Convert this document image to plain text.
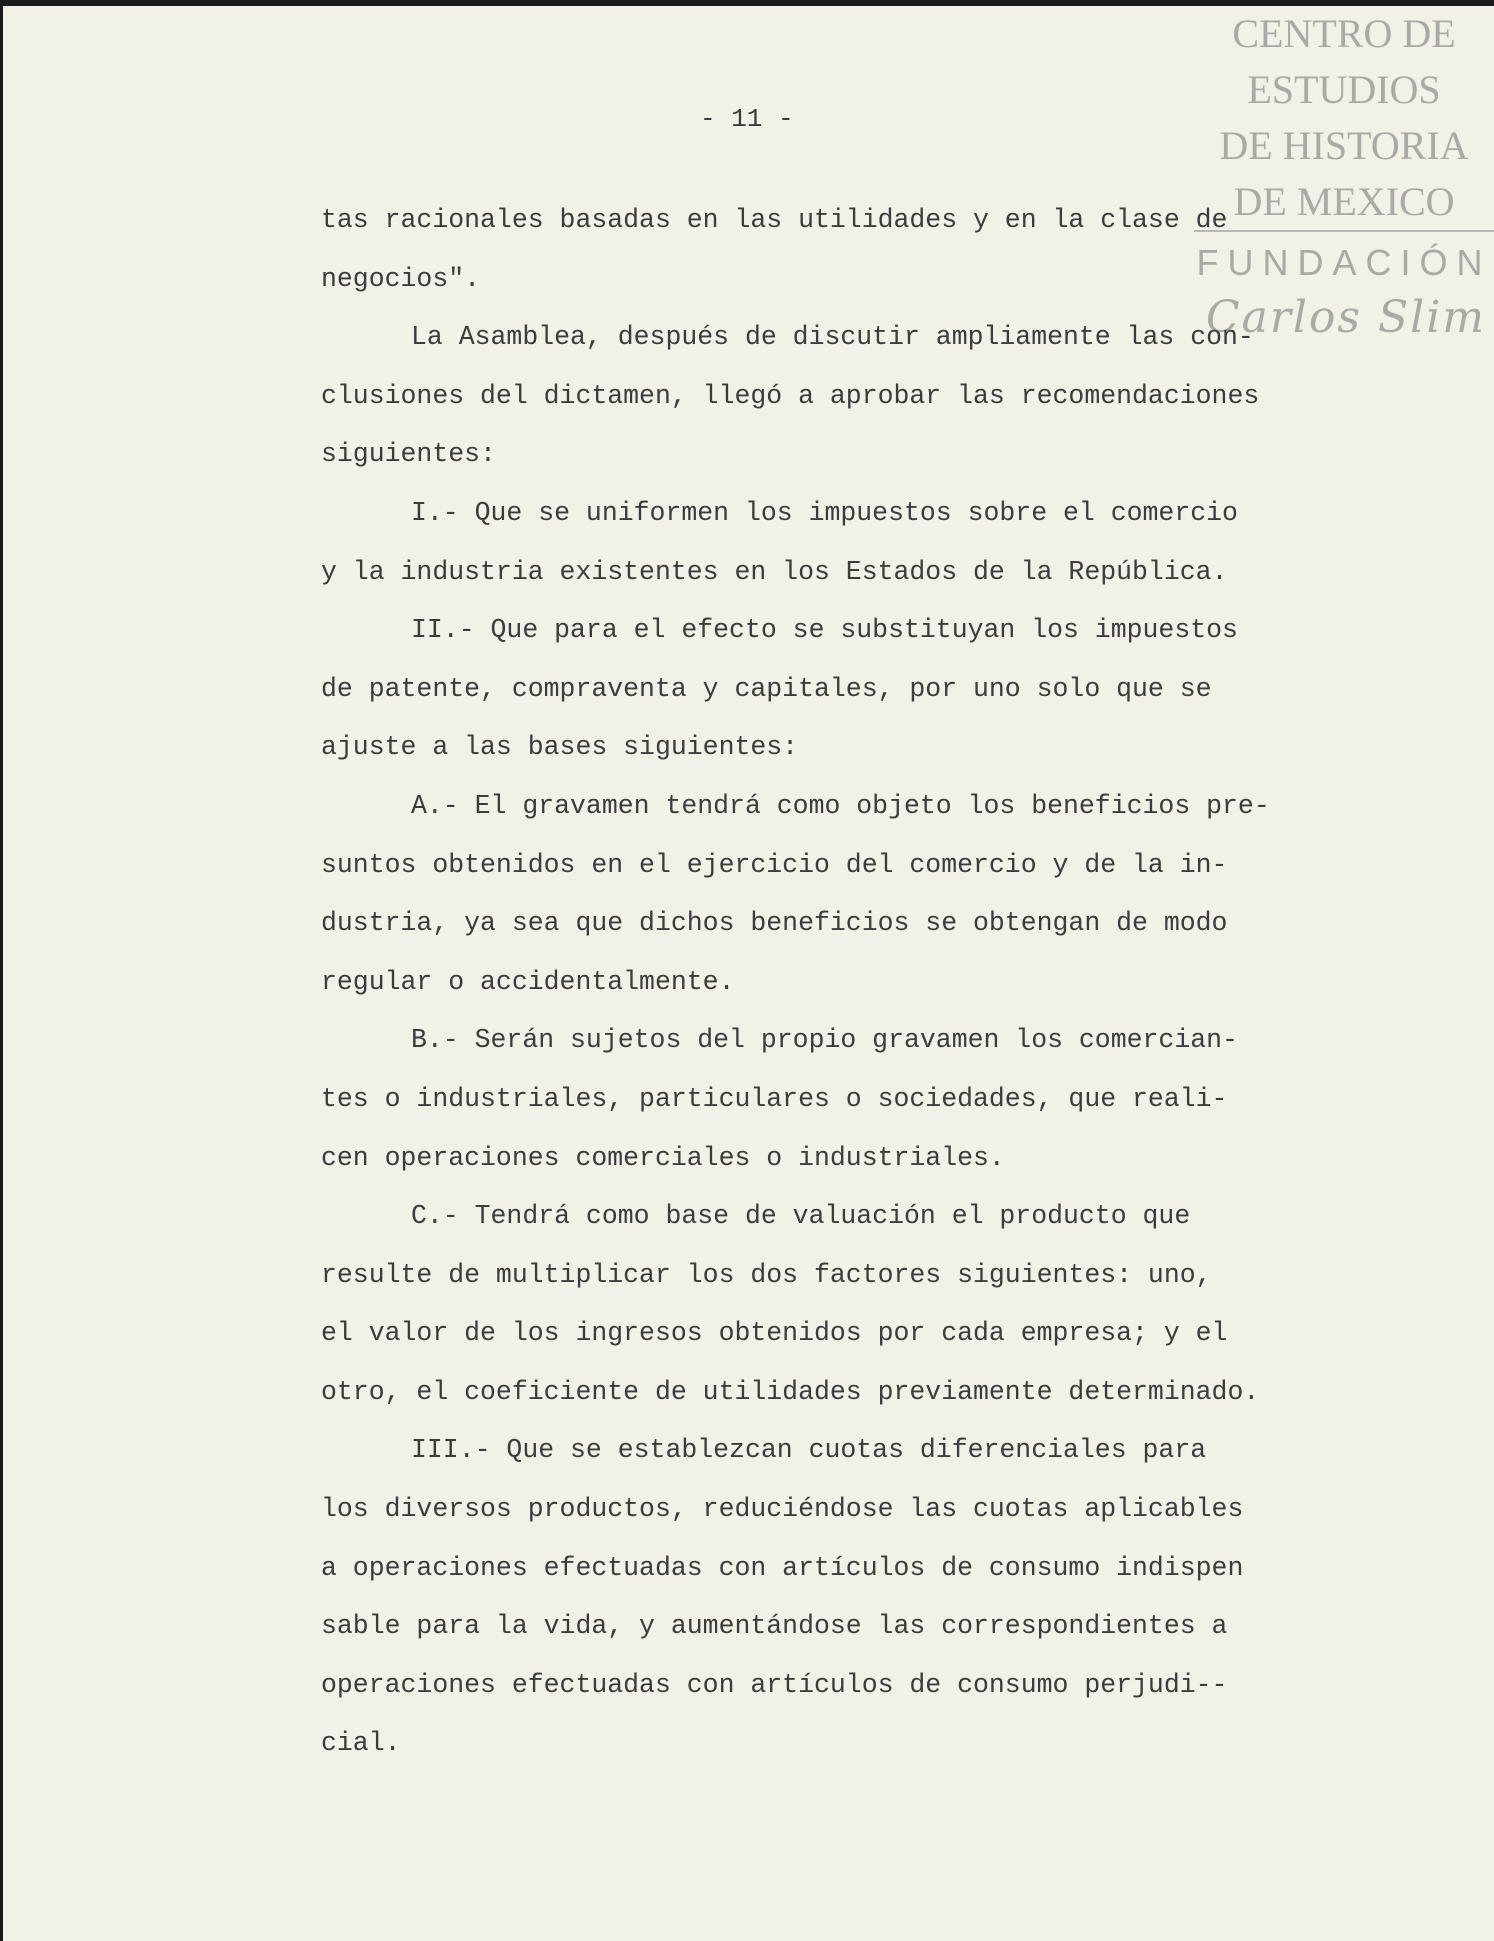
CENTRO DE
ESTUDIOS
DE HISTORIA
DE MEXICO
FUNDACIÓN
Carlos Slim
- 11 -
tas racionales basadas en las utilidades y en la clase de
negocios".
La Asamblea, después de discutir ampliamente las con-
clusiones del dictamen, llegó a aprobar las recomendaciones
siguientes:
I.- Que se uniformen los impuestos sobre el comercio
y la industria existentes en los Estados de la República.
II.- Que para el efecto se substituyan los impuestos
de patente, compraventa y capitales, por uno solo que se
ajuste a las bases siguientes:
A.- El gravamen tendrá como objeto los beneficios pre-
suntos obtenidos en el ejercicio del comercio y de la in-
dustria, ya sea que dichos beneficios se obtengan de modo
regular o accidentalmente.
B.- Serán sujetos del propio gravamen los comercian-
tes o industriales, particulares o sociedades, que reali-
cen operaciones comerciales o industriales.
C.- Tendrá como base de valuación el producto que
resulte de multiplicar los dos factores siguientes: uno,
el valor de los ingresos obtenidos por cada empresa; y el
otro, el coeficiente de utilidades previamente determinado.
III.- Que se establezcan cuotas diferenciales para
los diversos productos, reduciéndose las cuotas aplicables
a operaciones efectuadas con artículos de consumo indispen
sable para la vida, y aumentándose las correspondientes a
operaciones efectuadas con artículos de consumo perjudi--
cial.
